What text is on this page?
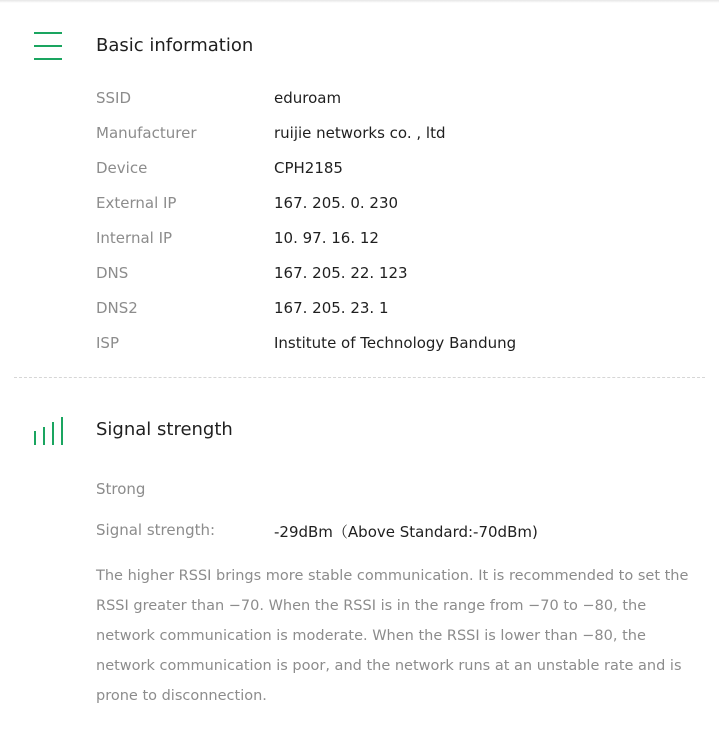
Basic information
SSID	eduroam
Manufacturer	ruijie networks co. , ltd
Device	CPH2185
External IP	167. 205. 0. 230
Internal IP	10. 97. 16. 12
DNS	167. 205. 22. 123
DNS2	167. 205. 23. 1
ISP	Institute of Technology Bandung
Signal strength
Strong
Signal strength:	-29dBm（Above Standard:-70dBm)

The higher RSSI brings more stable communication. It is recommended to set the RSSI greater than −70. When the RSSI is in the range from −70 to −80, the network communication is moderate. When the RSSI is lower than −80, the network communication is poor, and the network runs at an unstable rate and is prone to disconnection.
